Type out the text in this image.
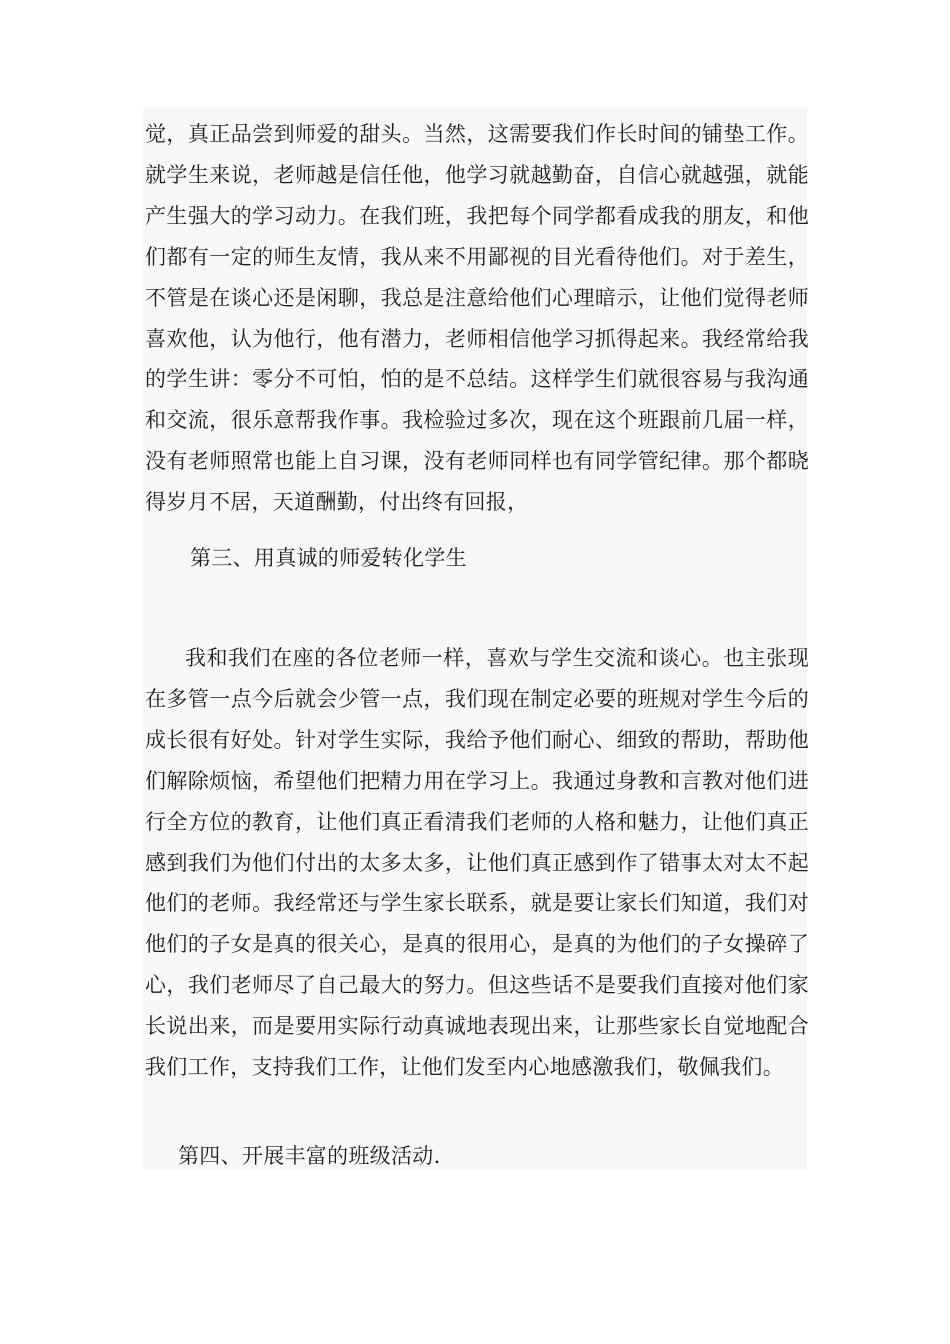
觉，真正品尝到师爱的甜头。当然，这需要我们作长时间的铺垫工作。就学生来说，老师越是信任他，他学习就越勤奋，自信心就越强，就能产生强大的学习动力。在我们班，我把每个同学都看成我的朋友，和他们都有一定的师生友情，我从来不用鄙视的目光看待他们。对于差生，不管是在谈心还是闲聊，我总是注意给他们心理暗示，让他们觉得老师喜欢他，认为他行，他有潜力，老师相信他学习抓得起来。我经常给我的学生讲：零分不可怕，怕的是不总结。这样学生们就很容易与我沟通和交流，很乐意帮我作事。我检验过多次，现在这个班跟前几届一样，没有老师照常也能上自习课，没有老师同样也有同学管纪律。那个都晓得岁月不居，天道酬勤，付出终有回报，

第三、用真诚的师爱转化学生

我和我们在座的各位老师一样，喜欢与学生交流和谈心。也主张现在多管一点今后就会少管一点，我们现在制定必要的班规对学生今后的成长很有好处。针对学生实际，我给予他们耐心、细致的帮助，帮助他们解除烦恼，希望他们把精力用在学习上。我通过身教和言教对他们进行全方位的教育，让他们真正看清我们老师的人格和魅力，让他们真正感到我们为他们付出的太多太多，让他们真正感到作了错事太对太不起他们的老师。我经常还与学生家长联系，就是要让家长们知道，我们对他们的子女是真的很关心，是真的很用心，是真的为他们的子女操碎了心，我们老师尽了自己最大的努力。但这些话不是要我们直接对他们家长说出来，而是要用实际行动真诚地表现出来，让那些家长自觉地配合我们工作，支持我们工作，让他们发至内心地感激我们，敬佩我们。

第四、开展丰富的班级活动.
